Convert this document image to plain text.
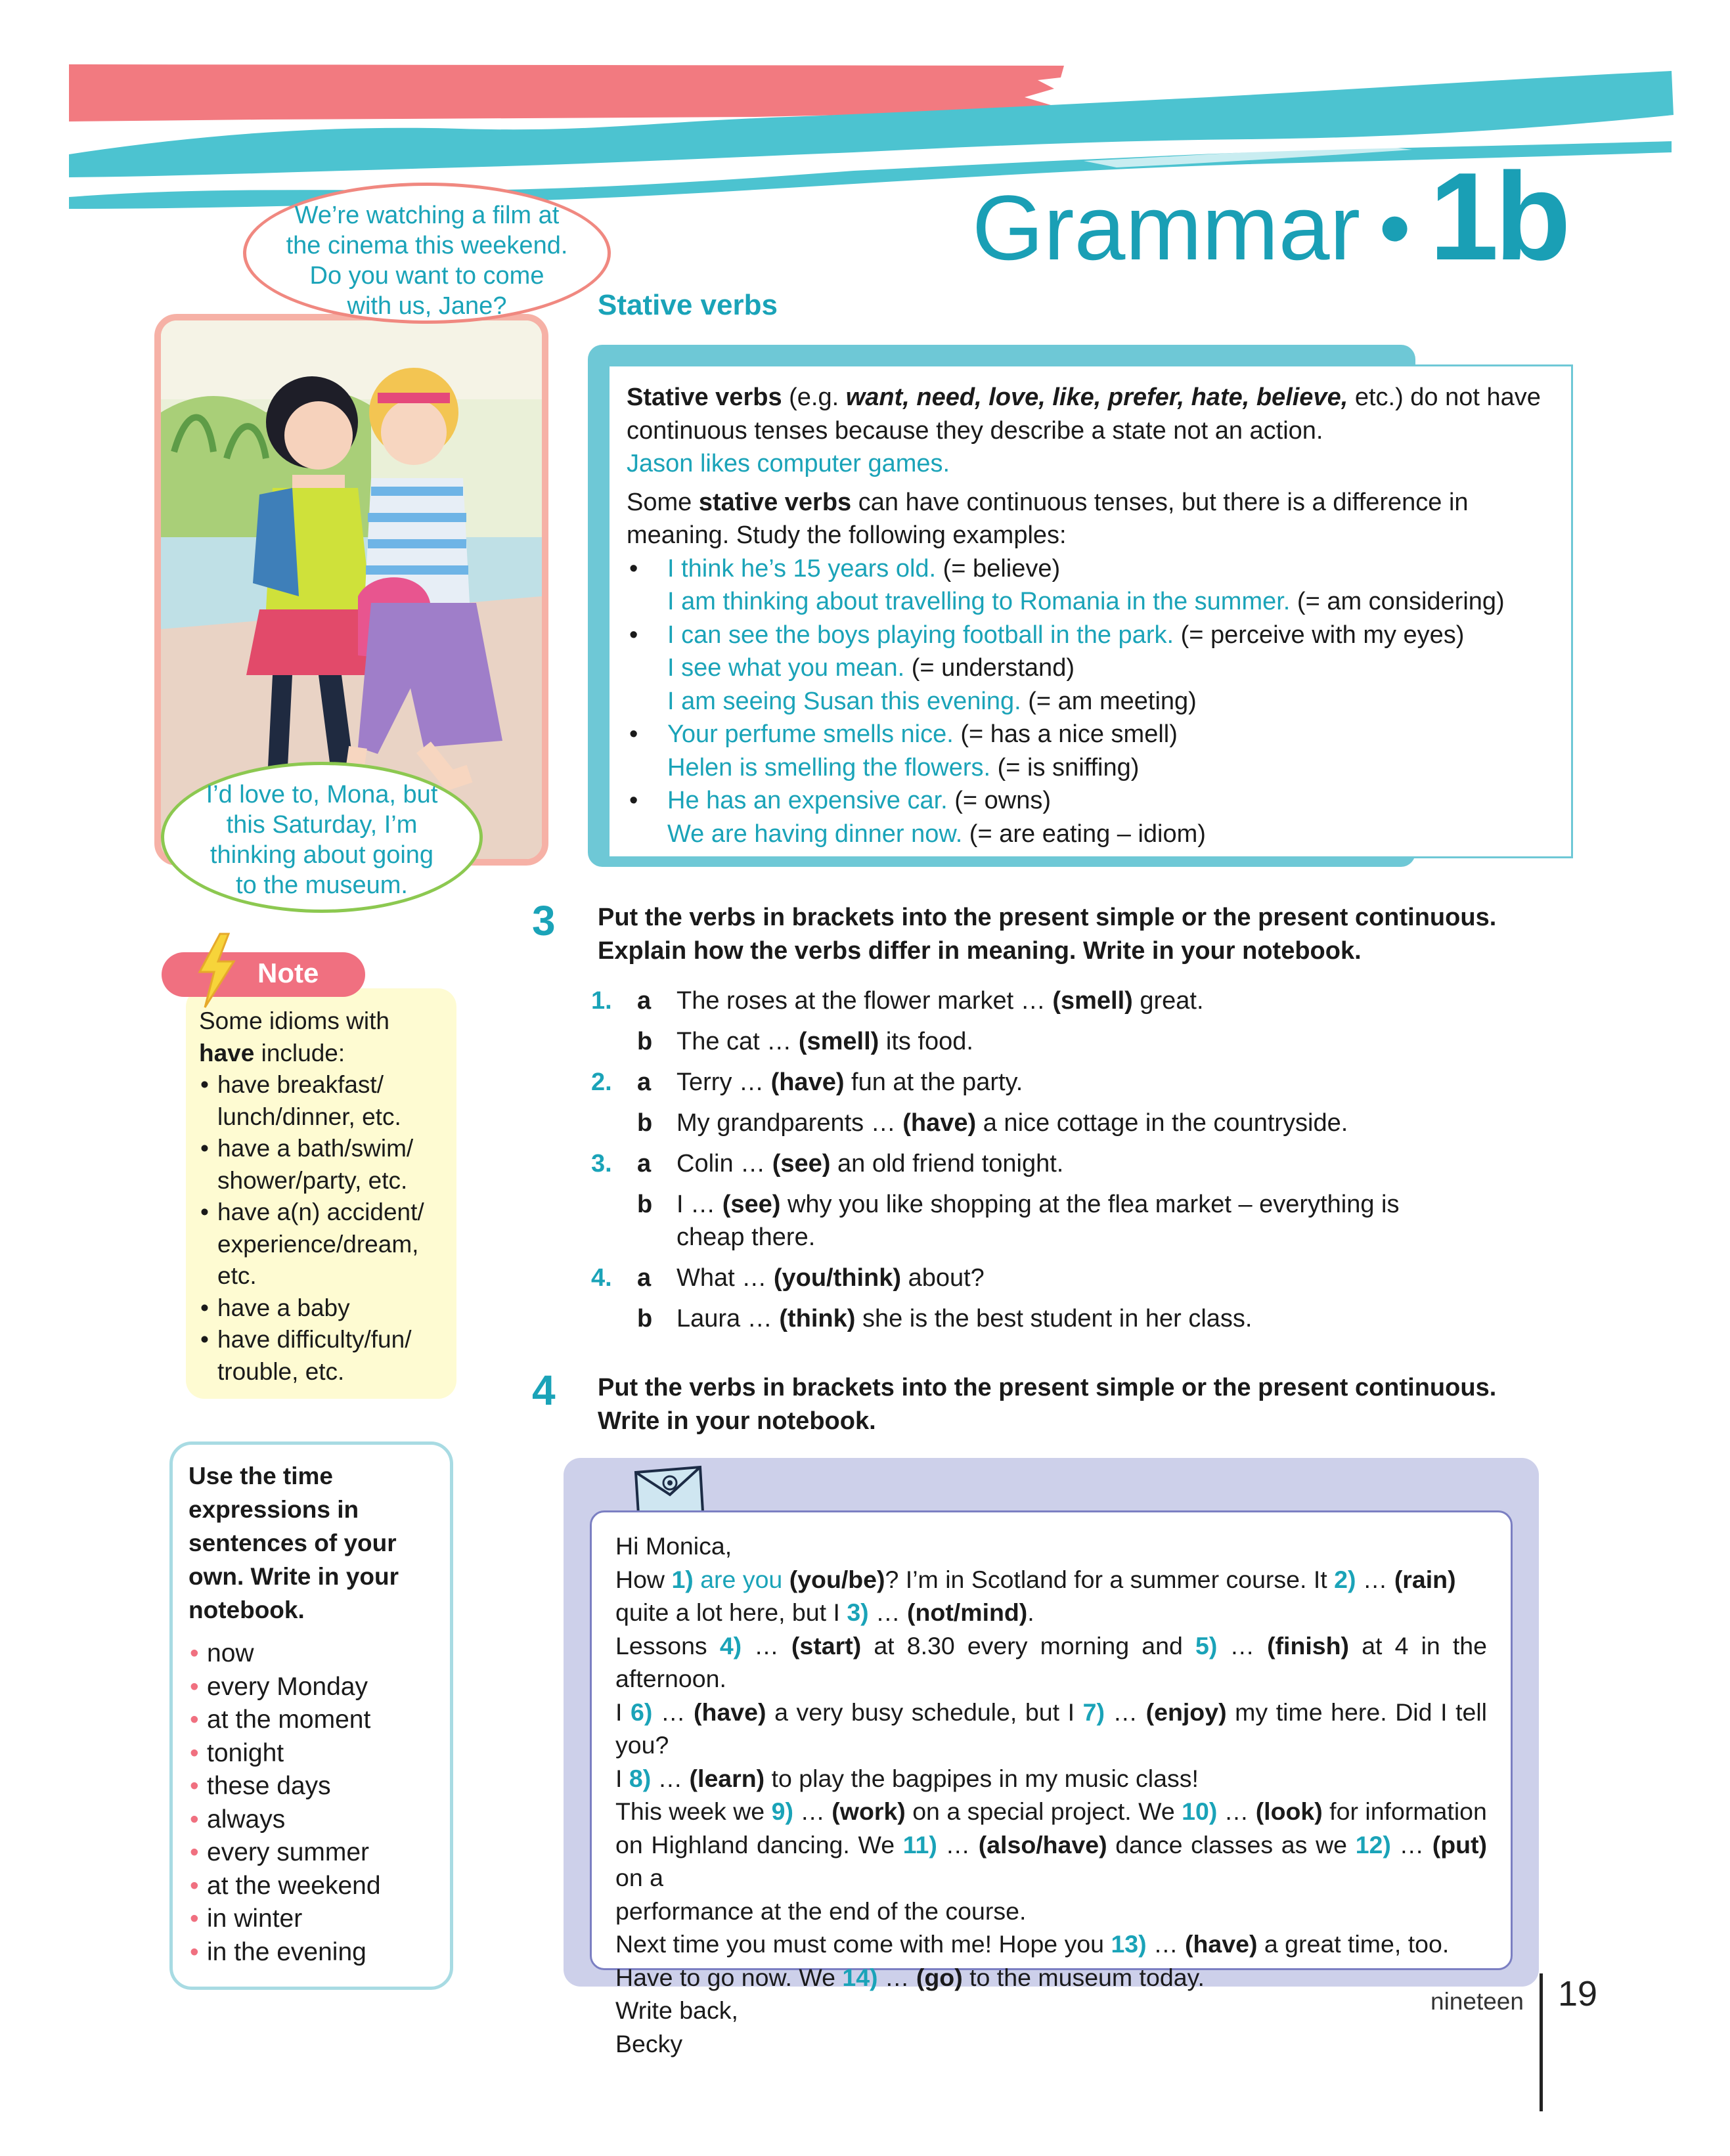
Grammar • 1b
We’re watching a film at
the cinema this weekend.
Do you want to come
with us, Jane?
I’d love to, Mona, but
this Saturday, I’m
thinking about going
to the museum.
Stative verbs

Stative verbs (e.g. want, need, love, like, prefer, hate, believe, etc.) do not have continuous tenses because they describe a state not an action.

Jason likes computer games.

Some stative verbs can have continuous tenses, but there is a difference in meaning. Study the following examples:

• I think he’s 15 years old. (= believe)

I am thinking about travelling to Romania in the summer. (= am considering)

• I can see the boys playing football in the park. (= perceive with my eyes)

I see what you mean. (= understand)

I am seeing Susan this evening. (= am meeting)

• Your perfume smells nice. (= has a nice smell)

Helen is smelling the flowers. (= is sniffing)

• He has an expensive car. (= owns)

We are having dinner now. (= are eating – idiom)

3 Put the verbs in brackets into the present simple or the present continuous.
Explain how the verbs differ in meaning. Write in your notebook.
1. a The roses at the flower market … (smell) great.
b The cat … (smell) its food.
2. a Terry … (have) fun at the party.
b My grandparents … (have) a nice cottage in the countryside.
3. a Colin … (see) an old friend tonight.
b I … (see) why you like shopping at the flea market – everything is cheap there.
4. a What … (you/think) about?
b Laura … (think) she is the best student in her class.
4 Put the verbs in brackets into the present simple or the present continuous.
Write in your notebook.

Hi Monica,

How 1) are you (you/be)? I’m in Scotland for a summer course. It 2) … (rain)

quite a lot here, but I 3) … (not/mind).

Lessons 4) … (start) at 8.30 every morning and 5) … (finish) at 4 in the afternoon.

I 6) … (have) a very busy schedule, but I 7) … (enjoy) my time here. Did I tell you?

I 8) … (learn) to play the bagpipes in my music class!

This week we 9) … (work) on a special project. We 10) … (look) for information

on Highland dancing. We 11) … (also/have) dance classes as we 12) … (put) on a

performance at the end of the course.

Next time you must come with me! Hope you 13) … (have) a great time, too.

Have to go now. We 14) … (go) to the museum today.

Write back,

Becky

Some idioms with
have include:
• have breakfast/ lunch/dinner, etc.
• have a bath/swim/ shower/party, etc.
• have a(n) accident/ experience/dream, etc.
• have a baby
• have difficulty/fun/ trouble, etc.
Note
Use the time expressions in sentences of your own. Write in your notebook.
• now
• every Monday
• at the moment
• tonight
• these days
• always
• every summer
• at the weekend
• in winter
• in the evening
nineteen 19
